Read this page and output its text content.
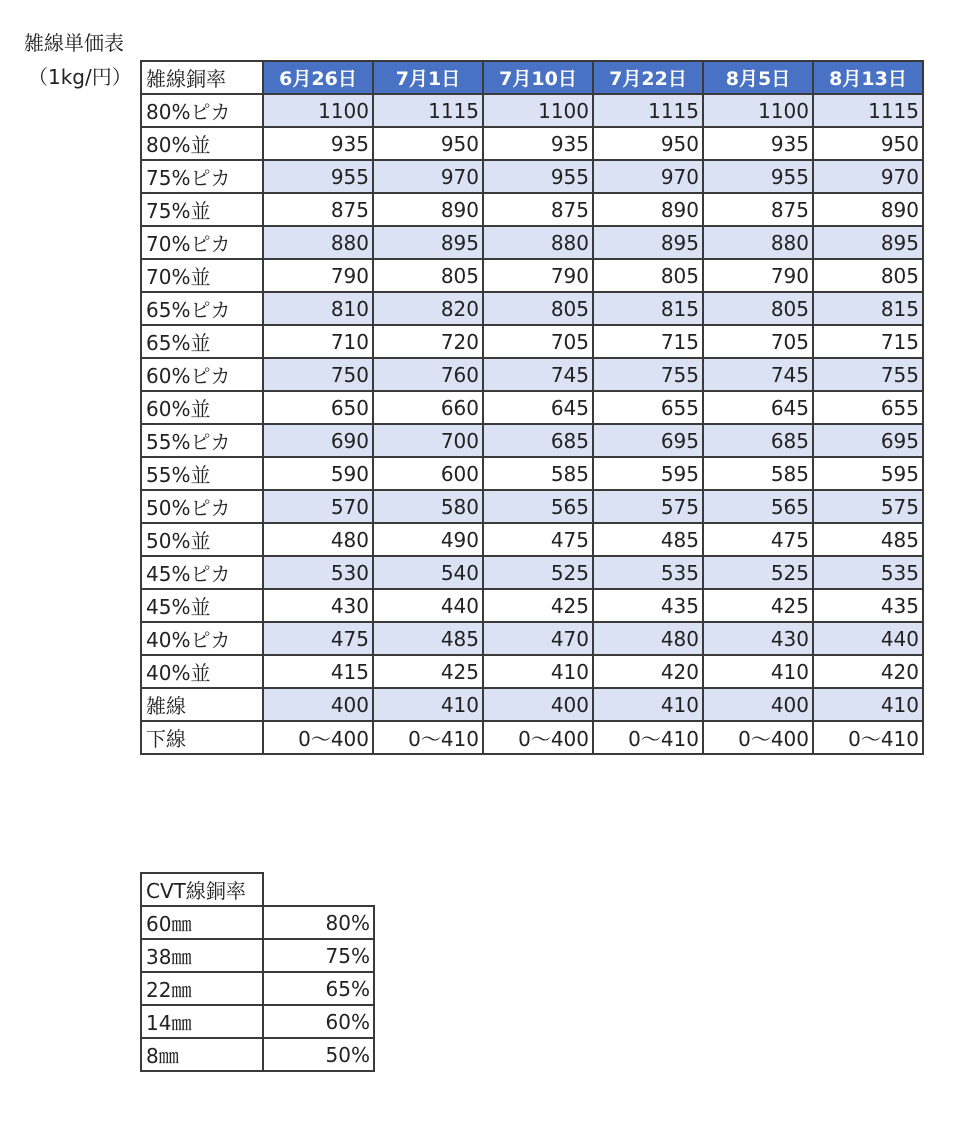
雑線単価表
（1kg/円） 雑線銅率	6月26日	7月1日	7月10日	7月22日	8月5日	8月13日
80%ピカ	1100	1115	1100	1115	1100	1115
80%並	935	950	935	950	935	950
75%ピカ	955	970	955	970	955	970
75%並	875	890	875	890	875	890
70%ピカ	880	895	880	895	880	895
70%並	790	805	790	805	790	805
65%ピカ	810	820	805	815	805	815
65%並	710	720	705	715	705	715
60%ピカ	750	760	745	755	745	755
60%並	650	660	645	655	645	655
55%ピカ	690	700	685	695	685	695
55%並	590	600	585	595	585	595
50%ピカ	570	580	565	575	565	575
50%並	480	490	475	485	475	485
45%ピカ	530	540	525	535	525	535
45%並	430	440	425	435	425	435
40%ピカ	475	485	470	480	430	440
40%並	415	425	410	420	410	420
雑線	400	410	400	410	400	410
下線	0～400	0～410	0～400	0～410	0～400	0～410
CVT線銅率	
60㎜	80%
38㎜	75%
22㎜	65%
14㎜	60%
8㎜	50%
